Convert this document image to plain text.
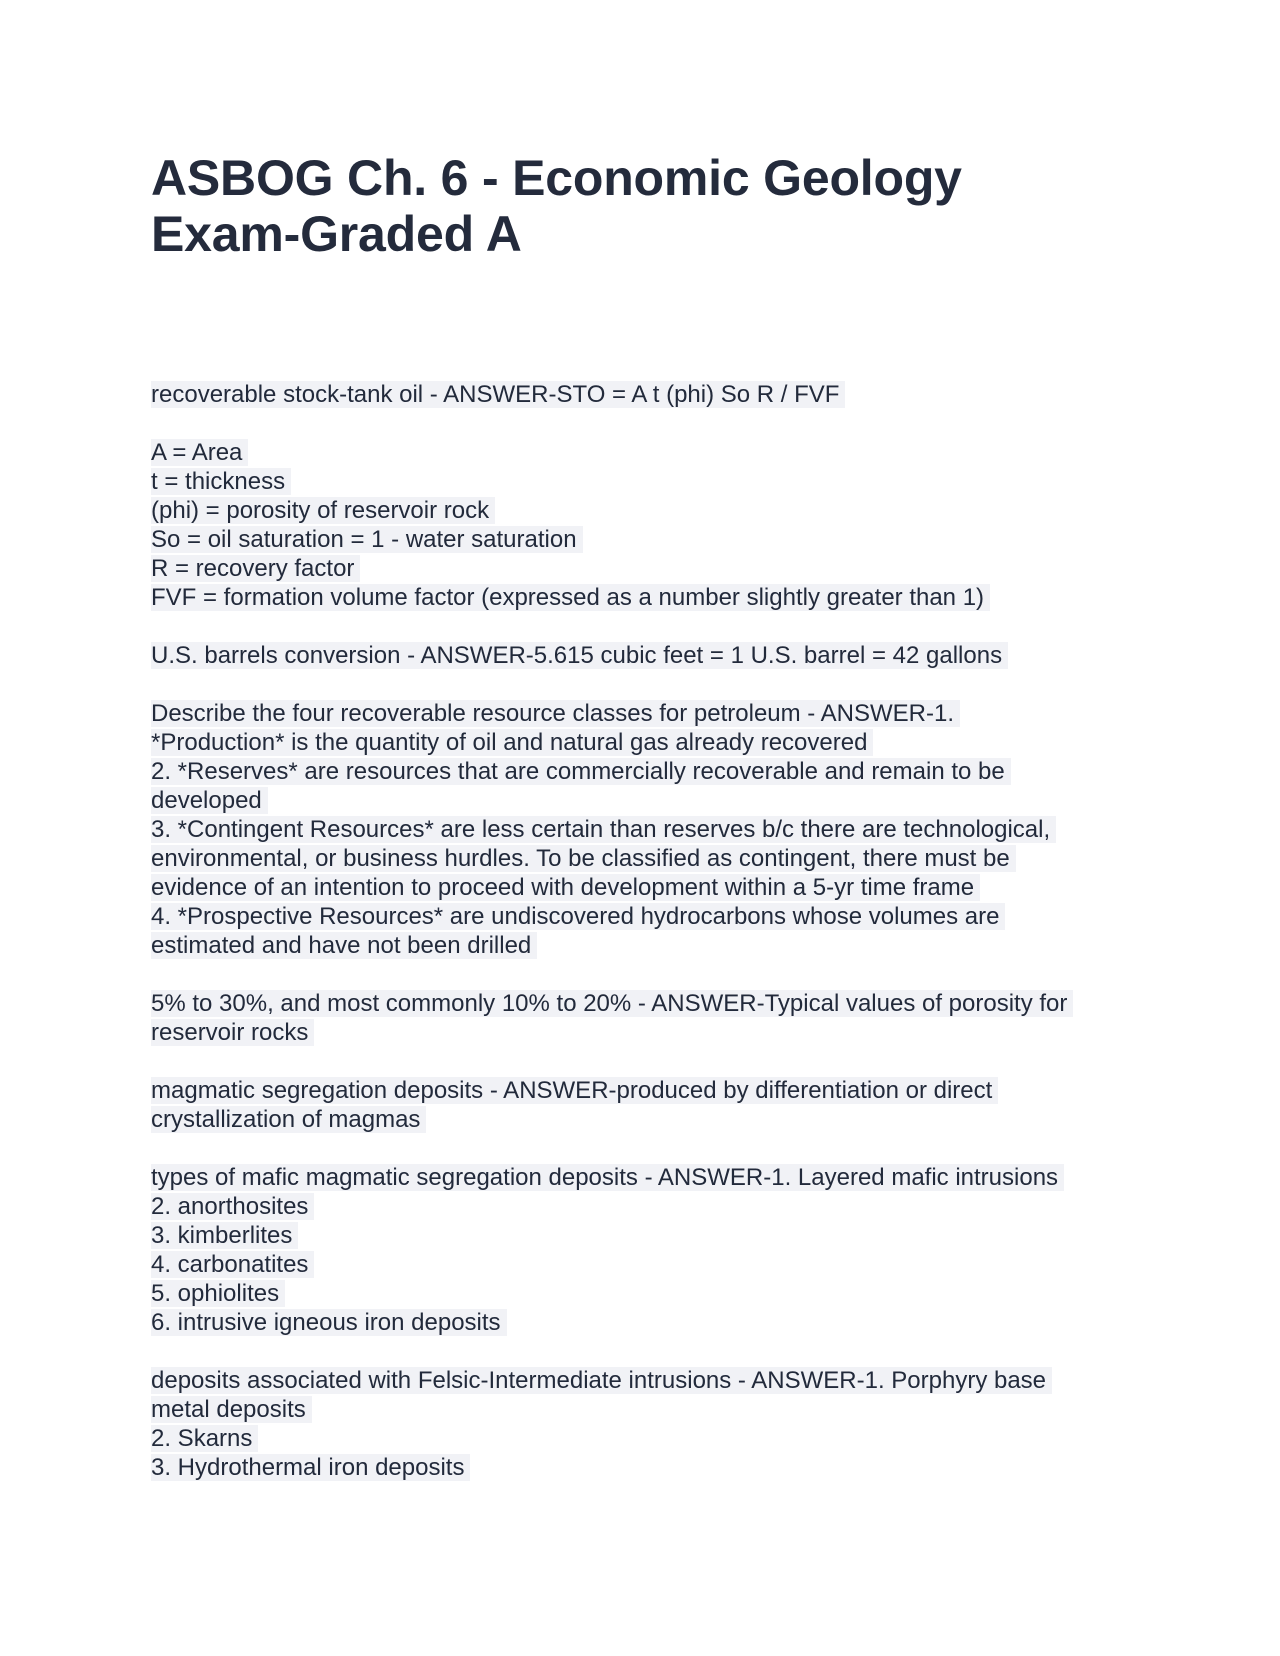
ASBOG Ch. 6 - Economic Geology
Exam-Graded A
recoverable stock-tank oil - ANSWER-STO = A t (phi) So R / FVF
A = Area
t = thickness
(phi) = porosity of reservoir rock
So = oil saturation = 1 - water saturation
R = recovery factor
FVF = formation volume factor (expressed as a number slightly greater than 1)
U.S. barrels conversion - ANSWER-5.615 cubic feet = 1 U.S. barrel = 42 gallons
Describe the four recoverable resource classes for petroleum - ANSWER-1.
*Production* is the quantity of oil and natural gas already recovered
2. *Reserves* are resources that are commercially recoverable and remain to be
developed
3. *Contingent Resources* are less certain than reserves b/c there are technological,
environmental, or business hurdles. To be classified as contingent, there must be
evidence of an intention to proceed with development within a 5-yr time frame
4. *Prospective Resources* are undiscovered hydrocarbons whose volumes are
estimated and have not been drilled
5% to 30%, and most commonly 10% to 20% - ANSWER-Typical values of porosity for
reservoir rocks
magmatic segregation deposits - ANSWER-produced by differentiation or direct
crystallization of magmas
types of mafic magmatic segregation deposits - ANSWER-1. Layered mafic intrusions
2. anorthosites
3. kimberlites
4. carbonatites
5. ophiolites
6. intrusive igneous iron deposits
deposits associated with Felsic-Intermediate intrusions - ANSWER-1. Porphyry base
metal deposits
2. Skarns
3. Hydrothermal iron deposits
